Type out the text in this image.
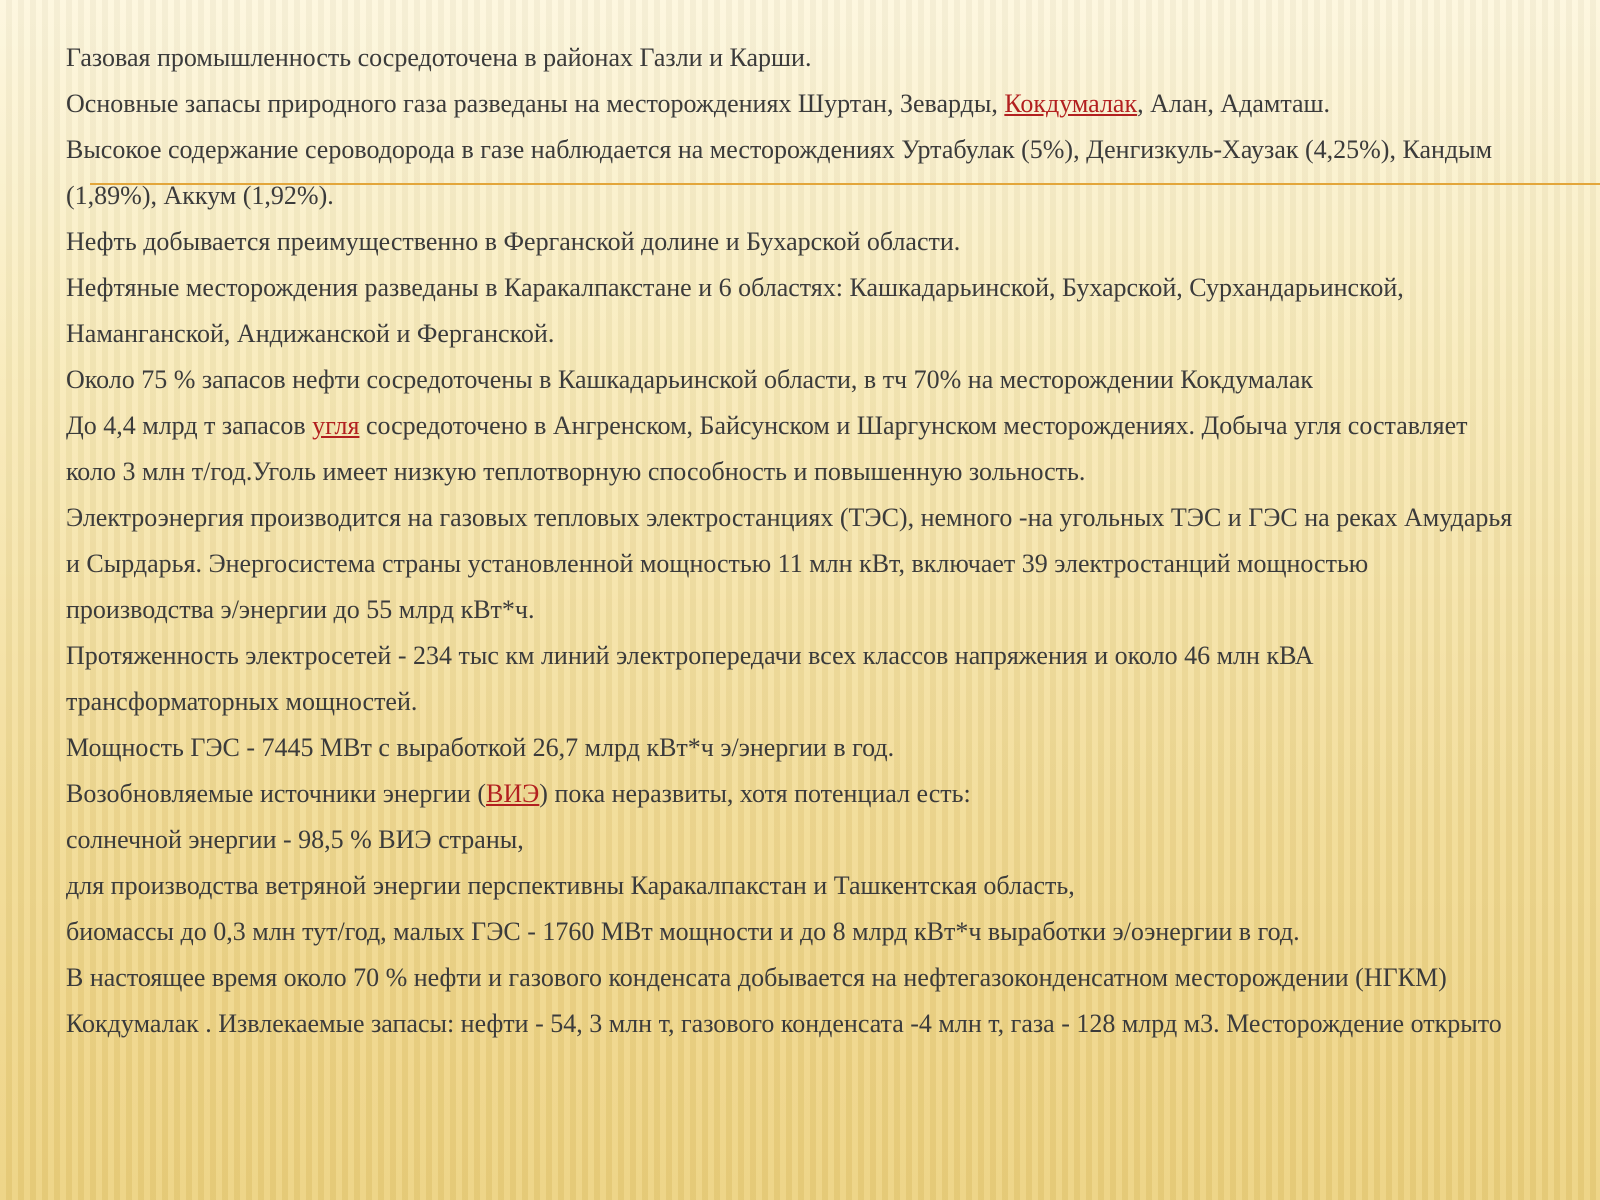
Газовая промышленность сосредоточена в районах Газли и Карши.

Основные запасы природного газа разведаны на месторождениях Шуртан, Зеварды, Кокдумалак, Алан, Адамташ.

Высокое содержание сероводорода в газе наблюдается на месторождениях Уртабулак (5%), Денгизкуль-Хаузак (4,25%), Кандым

(1,89%), Аккум (1,92%).

Нефть добывается преимущественно в Ферганской долине и Бухарской области.

Нефтяные месторождения разведаны в Каракалпакстане и 6 областях: Кашкадарьинской, Бухарской, Сурхандарьинской,

Наманганской, Андижанской и Ферганской.

Около 75 % запасов нефти сосредоточены в Кашкадарьинской области, в тч 70% на месторождении Кокдумалак

До 4,4 млрд т запасов угля сосредоточено в Ангренском, Байсунском и Шаргунском месторождениях. Добыча угля составляет

коло 3 млн т/год.Уголь имеет низкую теплотворную способность и повышенную зольность.

Электроэнергия производится на газовых тепловых электростанциях (ТЭС), немного -на угольных ТЭС и ГЭС на реках Амударья

и Сырдарья. Энергосистема страны установленной мощностью 11 млн кВт, включает 39 электростанций мощностью

производства э/энергии до 55 млрд кВт*ч.

Протяженность электросетей - 234 тыс км линий электропередачи всех классов напряжения и около 46 млн кВА

трансформаторных мощностей.

Мощность ГЭС - 7445 МВт с выработкой 26,7 млрд кВт*ч э/энергии в год.

Возобновляемые источники энергии (ВИЭ) пока неразвиты, хотя потенциал есть:

солнечной энергии - 98,5 % ВИЭ страны,

для производства ветряной энергии перспективны Каракалпакстан и Ташкентская область,

биомассы до 0,3 млн тут/год, малых ГЭС - 1760 МВт мощности и до 8 млрд кВт*ч выработки э/оэнергии в год.

В настоящее время около 70 % нефти и газового конденсата добывается на нефтегазоконденсатном месторождении (НГКМ)

Кокдумалак . Извлекаемые запасы: нефти - 54, 3 млн т, газового конденсата -4 млн т, газа - 128 млрд м3. Месторождение открыто
